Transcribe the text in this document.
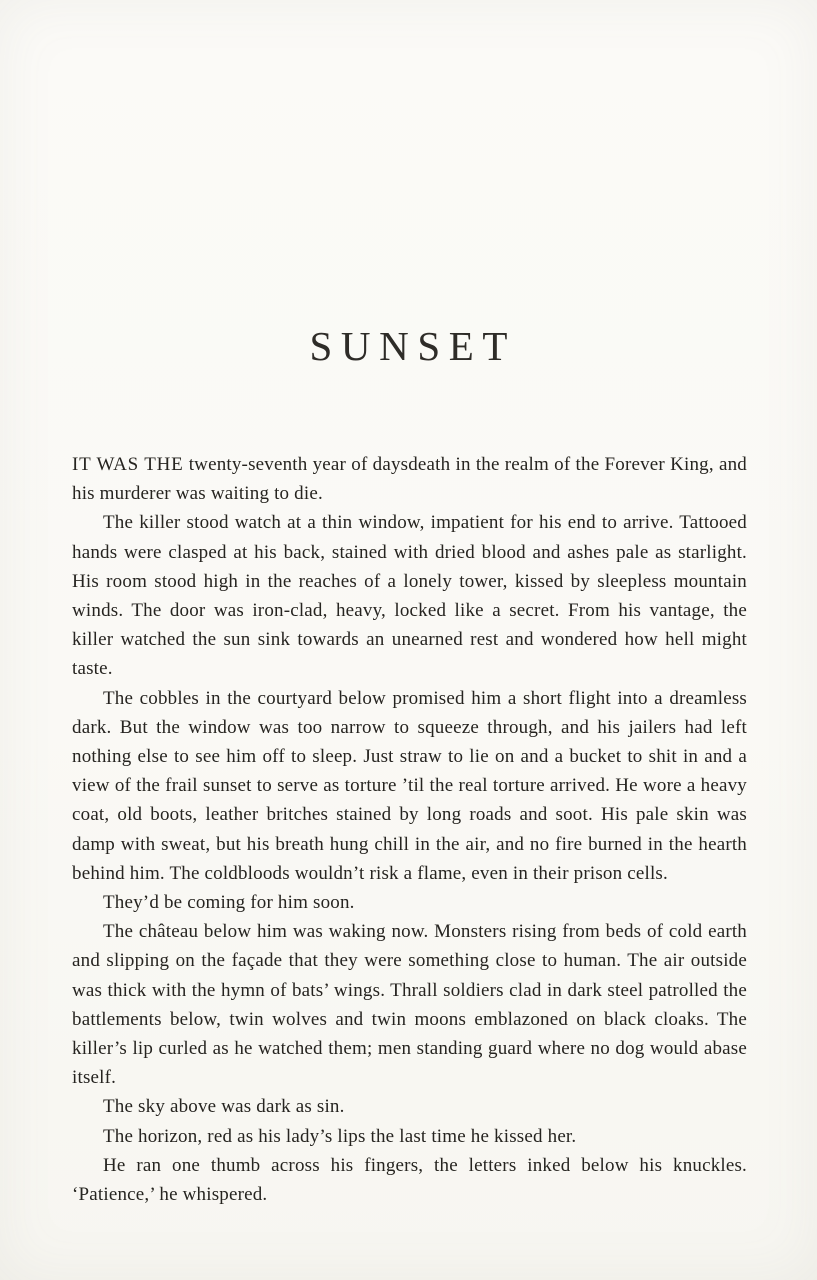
SUNSET

IT WAS THE twenty-seventh year of daysdeath in the realm of the Forever King, and his murderer was waiting to die.

The killer stood watch at a thin window, impatient for his end to arrive. Tattooed hands were clasped at his back, stained with dried blood and ashes pale as starlight. His room stood high in the reaches of a lonely tower, kissed by sleepless mountain winds. The door was iron-clad, heavy, locked like a secret. From his vantage, the killer watched the sun sink towards an unearned rest and wondered how hell might taste.

The cobbles in the courtyard below promised him a short flight into a dreamless dark. But the window was too narrow to squeeze through, and his jailers had left nothing else to see him off to sleep. Just straw to lie on and a bucket to shit in and a view of the frail sunset to serve as torture ’til the real torture arrived. He wore a heavy coat, old boots, leather britches stained by long roads and soot. His pale skin was damp with sweat, but his breath hung chill in the air, and no fire burned in the hearth behind him. The coldbloods wouldn’t risk a flame, even in their prison cells.

They’d be coming for him soon.

The château below him was waking now. Monsters rising from beds of cold earth and slipping on the façade that they were something close to human. The air outside was thick with the hymn of bats’ wings. Thrall soldiers clad in dark steel patrolled the battlements below, twin wolves and twin moons emblazoned on black cloaks. The killer’s lip curled as he watched them; men standing guard where no dog would abase itself.

The sky above was dark as sin.

The horizon, red as his lady’s lips the last time he kissed her.

He ran one thumb across his fingers, the letters inked below his knuckles. ‘Patience,’ he whispered.
